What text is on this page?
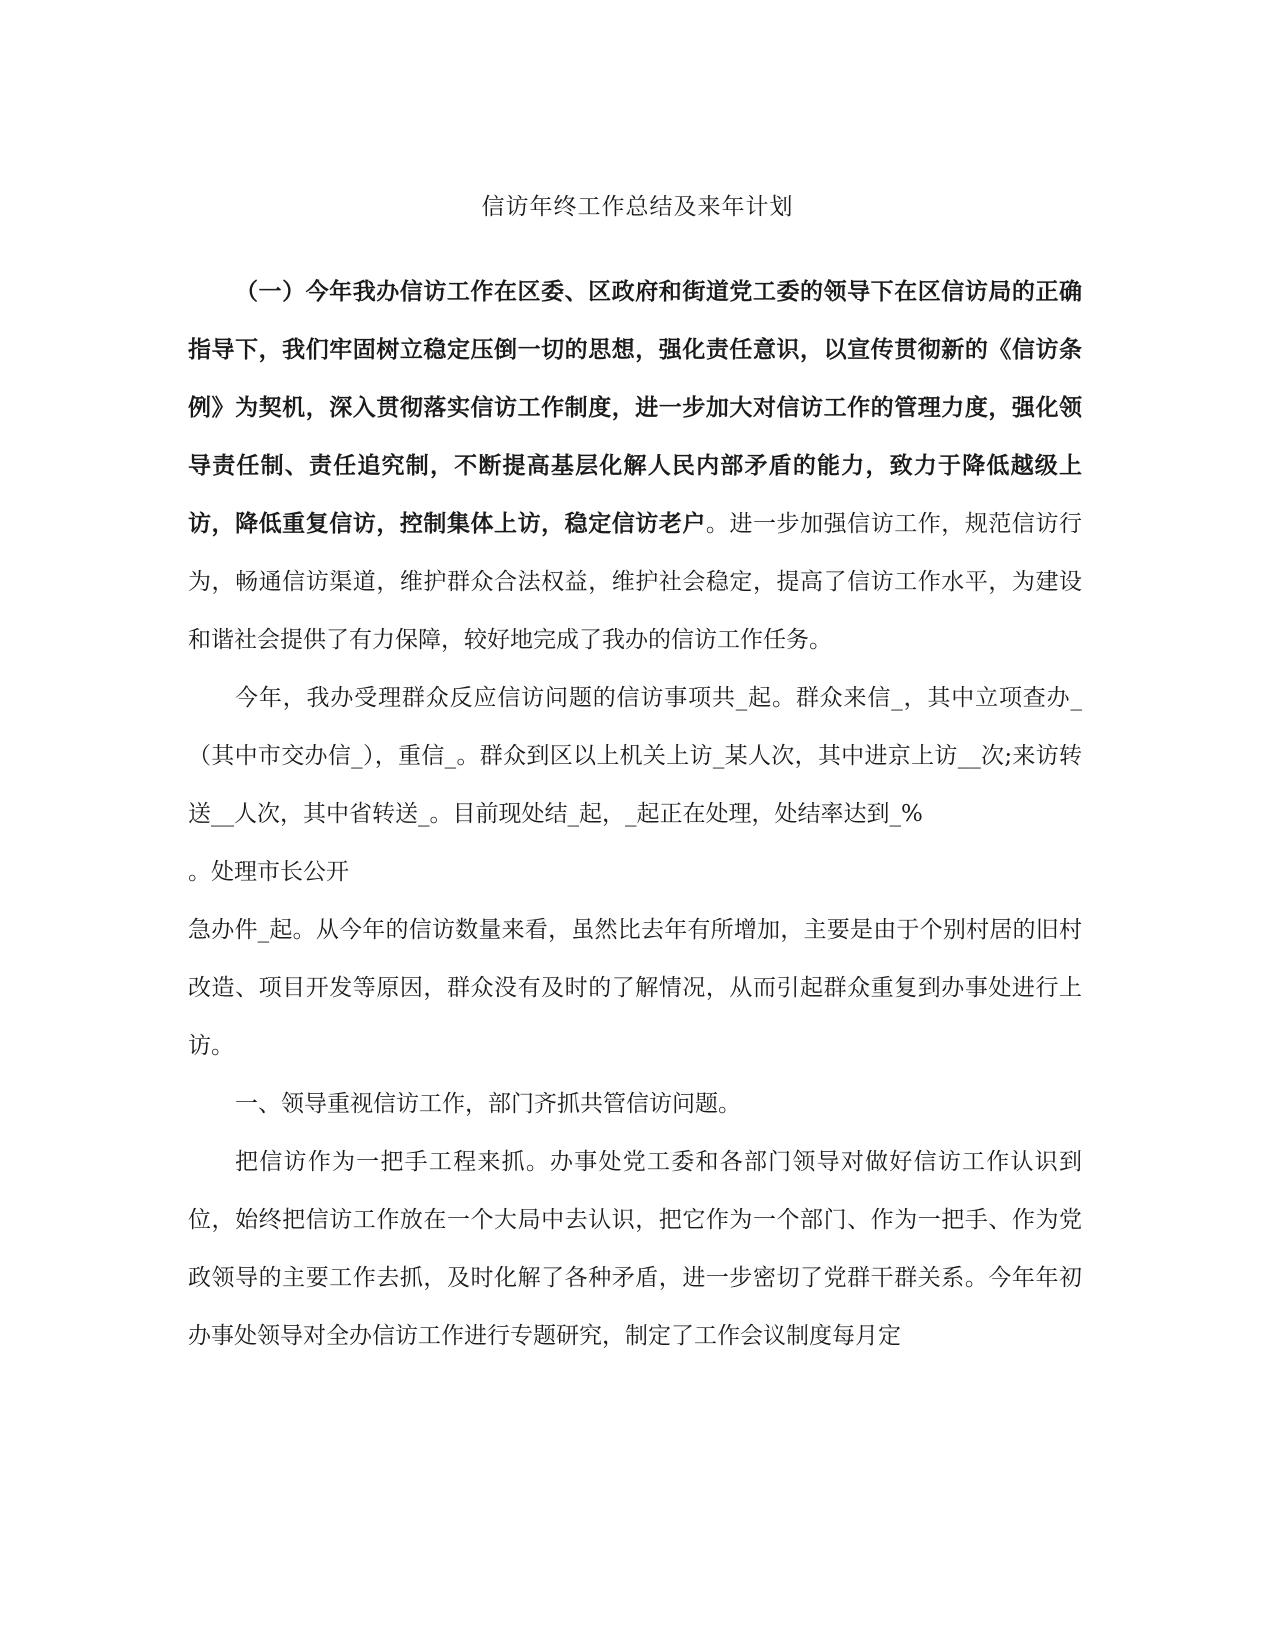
信访年终工作总结及来年计划

（一）今年我办信访工作在区委、区政府和街道党工委的领导下在区信访局的正确指导下，我们牢固树立稳定压倒一切的思想，强化责任意识，以宣传贯彻新的《信访条例》为契机，深入贯彻落实信访工作制度，进一步加大对信访工作的管理力度，强化领导责任制、责任追究制，不断提高基层化解人民内部矛盾的能力，致力于降低越级上访，降低重复信访，控制集体上访，稳定信访老户。进一步加强信访工作，规范信访行为，畅通信访渠道，维护群众合法权益，维护社会稳定，提高了信访工作水平，为建设和谐社会提供了有力保障，较好地完成了我办的信访工作任务。

今年，我办受理群众反应信访问题的信访事项共_起。群众来信_，其中立项查办_（其中市交办信_），重信_。群众到区以上机关上访_某人次，其中进京上访__次;来访转送__人次，其中省转送_。目前现处结_起，_起正在处理，处结率达到_%

。处理市长公开

急办件_起。从今年的信访数量来看，虽然比去年有所增加，主要是由于个别村居的旧村改造、项目开发等原因，群众没有及时的了解情况，从而引起群众重复到办事处进行上访。

一、领导重视信访工作，部门齐抓共管信访问题。

把信访作为一把手工程来抓。办事处党工委和各部门领导对做好信访工作认识到位，始终把信访工作放在一个大局中去认识，把它作为一个部门、作为一把手、作为党政领导的主要工作去抓，及时化解了各种矛盾，进一步密切了党群干群关系。今年年初办事处领导对全办信访工作进行专题研究，制定了工作会议制度每月定
